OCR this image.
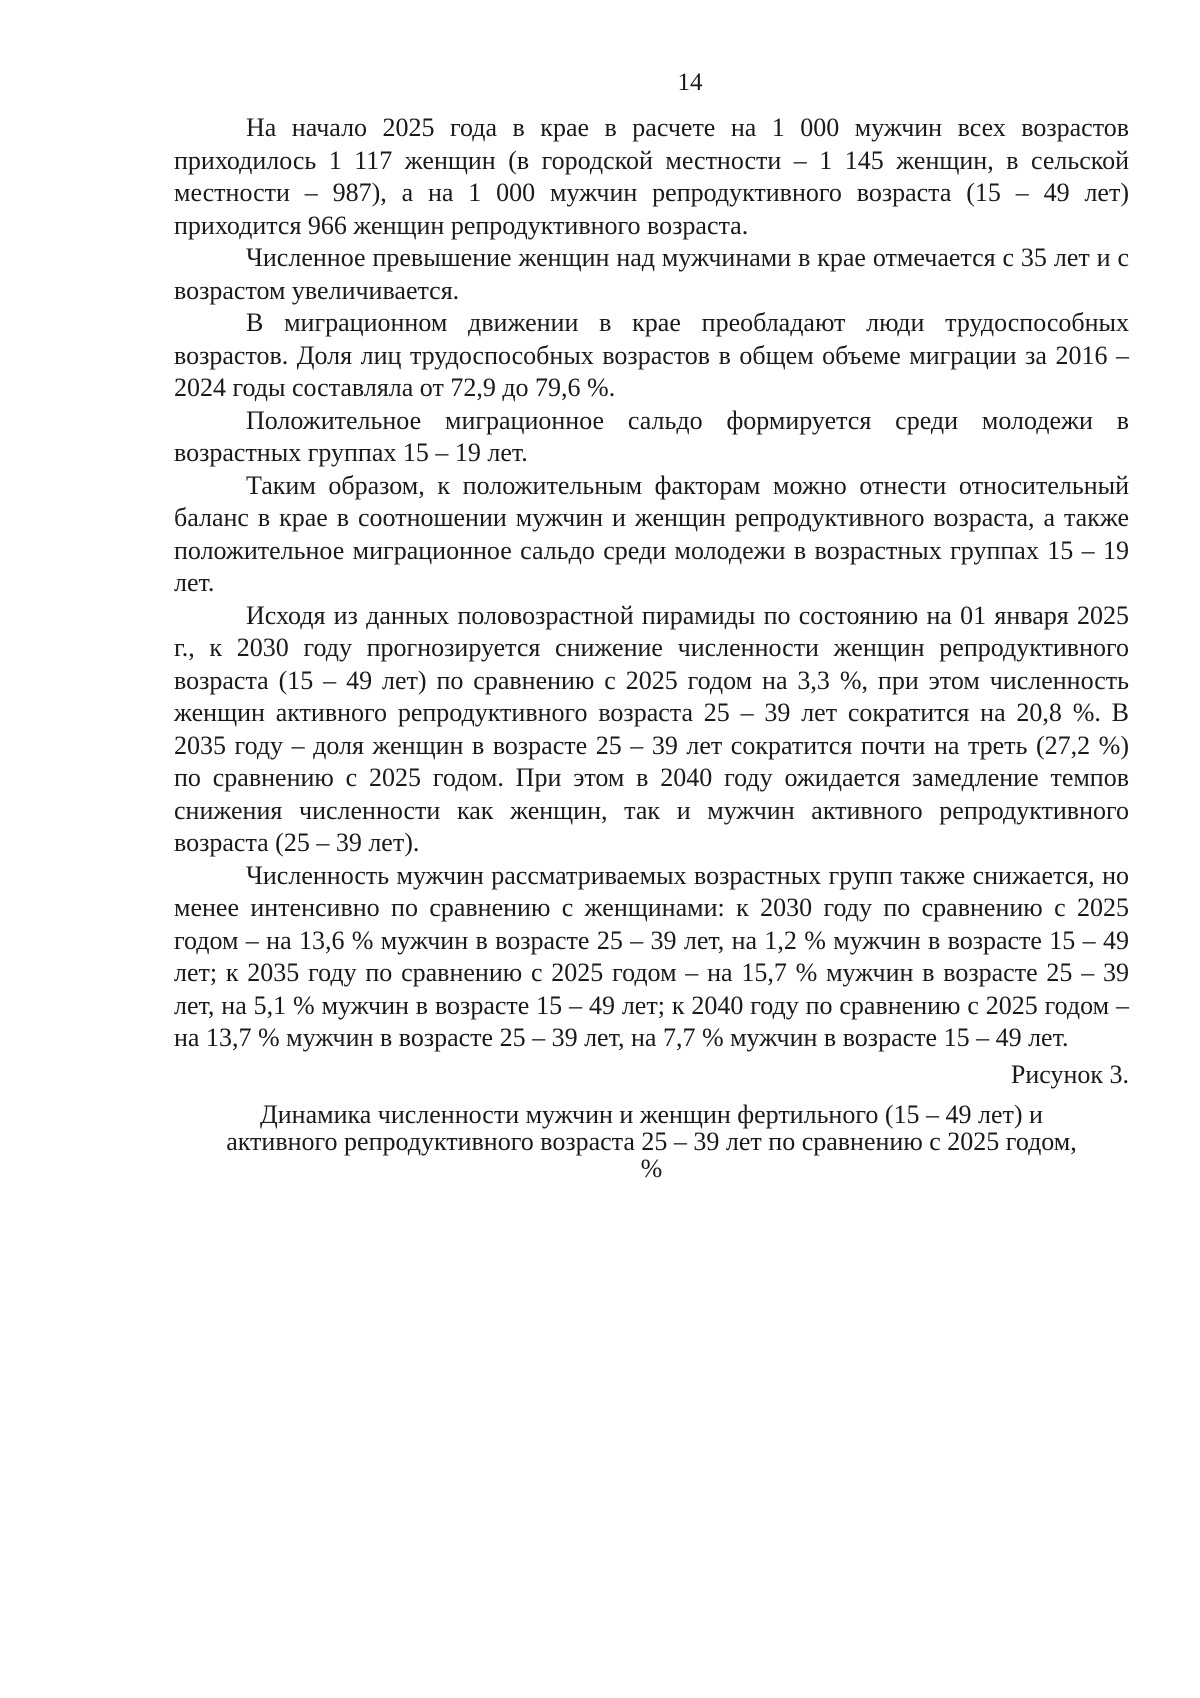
14

На начало 2025 года в крае в расчете на 1 000 мужчин всех возрастов приходилось 1 117 женщин (в городской местности – 1 145 женщин, в сельской местности – 987), а на 1 000 мужчин репродуктивного возраста (15 – 49 лет) приходится 966 женщин репродуктивного возраста.

Численное превышение женщин над мужчинами в крае отмечается с 35 лет и с возрастом увеличивается.

В миграционном движении в крае преобладают люди трудоспособных возрастов. Доля лиц трудоспособных возрастов в общем объеме миграции за 2016 – 2024 годы составляла от 72,9 до 79,6 %.

Положительное миграционное сальдо формируется среди молодежи в возрастных группах 15 – 19 лет.

Таким образом, к положительным факторам можно отнести относительный баланс в крае в соотношении мужчин и женщин репродуктивного возраста, а также положительное миграционное сальдо среди молодежи в возрастных группах 15 – 19 лет.

Исходя из данных половозрастной пирамиды по состоянию на 01 января 2025 г., к 2030 году прогнозируется снижение численности женщин репродуктивного возраста (15 – 49 лет) по сравнению с 2025 годом на 3,3 %, при этом численность женщин активного репродуктивного возраста 25 – 39 лет сократится на 20,8 %. В 2035 году – доля женщин в возрасте 25 – 39 лет сократится почти на треть (27,2 %) по сравнению с 2025 годом. При этом в 2040 году ожидается замедление темпов снижения численности как женщин, так и мужчин активного репродуктивного возраста (25 – 39 лет).

Численность мужчин рассматриваемых возрастных групп также снижается, но менее интенсивно по сравнению с женщинами: к 2030 году по сравнению с 2025 годом – на 13,6 % мужчин в возрасте 25 – 39 лет, на 1,2 % мужчин в возрасте 15 – 49 лет; к 2035 году по сравнению с 2025 годом – на 15,7 % мужчин в возрасте 25 – 39 лет, на 5,1 % мужчин в возрасте 15 – 49 лет; к 2040 году по сравнению с 2025 годом – на 13,7 % мужчин в возрасте 25 – 39 лет, на 7,7 % мужчин в возрасте 15 – 49 лет.

Рисунок 3.

Динамика численности мужчин и женщин фертильного (15 – 49 лет) и
активного репродуктивного возраста 25 – 39 лет по сравнению с 2025 годом,
%
